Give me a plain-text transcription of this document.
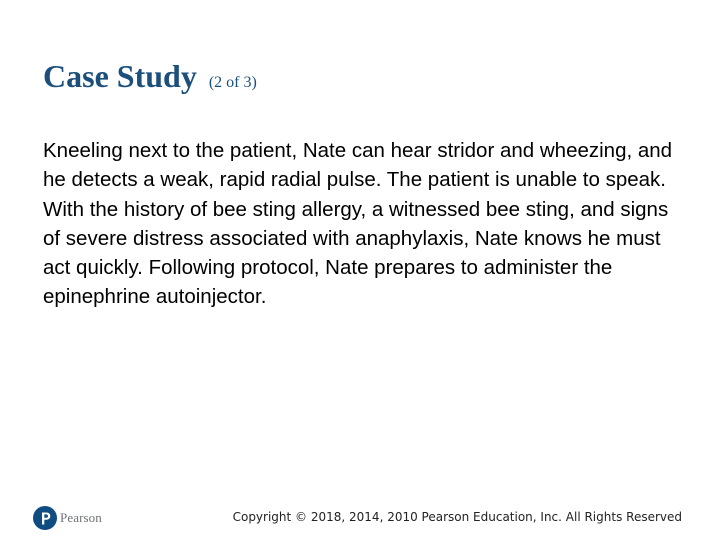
Case Study (2 of 3)

Kneeling next to the patient, Nate can hear stridor and wheezing, and he detects a weak, rapid radial pulse. The patient is unable to speak. With the history of bee sting allergy, a witnessed bee sting, and signs of severe distress associated with anaphylaxis, Nate knows he must act quickly. Following protocol, Nate prepares to administer the epinephrine autoinjector.

Pearson	Copyright © 2018, 2014, 2010 Pearson Education, Inc. All Rights Reserved
